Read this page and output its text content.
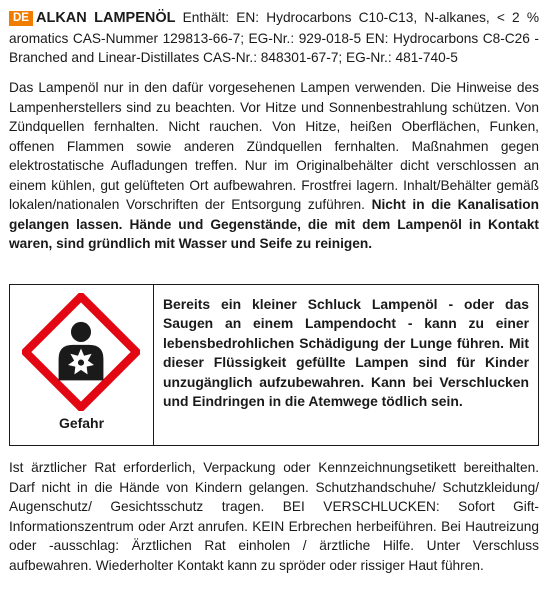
DE ALKAN LAMPENÖL Enthält: EN: Hydrocarbons C10-C13, N-alkanes, < 2 % aromatics CAS-Nummer 129813-66-7; EG-Nr.: 929-018-5 EN: Hydrocarbons C8-C26 -Branched and Linear-Distillates CAS-Nr.: 848301-67-7; EG-Nr.: 481-740-5

Das Lampenöl nur in den dafür vorgesehenen Lampen verwenden. Die Hinweise des Lampenherstellers sind zu beachten. Vor Hitze und Sonnenbestrahlung schützen. Von Zündquellen fernhalten. Nicht rauchen. Von Hitze, heißen Oberflächen, Funken, offenen Flammen sowie anderen Zündquellen fernhalten. Maßnahmen gegen elektrostatische Aufladungen treffen. Nur im Originalbehälter dicht verschlossen an einem kühlen, gut gelüfteten Ort aufbewahren. Frostfrei lagern. Inhalt/Behälter gemäß lokalen/nationalen Vorschriften der Entsorgung zuführen. Nicht in die Kanalisation gelangen lassen. Hände und Gegenstände, die mit dem Lampenöl in Kontakt waren, sind gründlich mit Wasser und Seife zu reinigen.

Gefahr

Bereits ein kleiner Schluck Lampenöl - oder das Saugen an einem Lampendocht - kann zu einer lebensbedrohlichen Schädigung der Lunge führen. Mit dieser Flüssigkeit gefüllte Lampen sind für Kinder unzugänglich aufzubewahren. Kann bei Verschlucken und Eindringen in die Atemwege tödlich sein.

Ist ärztlicher Rat erforderlich, Verpackung oder Kennzeichnungsetikett bereithalten. Darf nicht in die Hände von Kindern gelangen. Schutzhandschuhe/ Schutzkleidung/ Augenschutz/ Gesichtsschutz tragen. BEI VERSCHLUCKEN: Sofort Gift-Informationszentrum oder Arzt anrufen. KEIN Erbrechen herbeiführen. Bei Hautreizung oder -ausschlag: Ärztlichen Rat einholen / ärztliche Hilfe. Unter Verschluss aufbewahren. Wiederholter Kontakt kann zu spröder oder rissiger Haut führen.
